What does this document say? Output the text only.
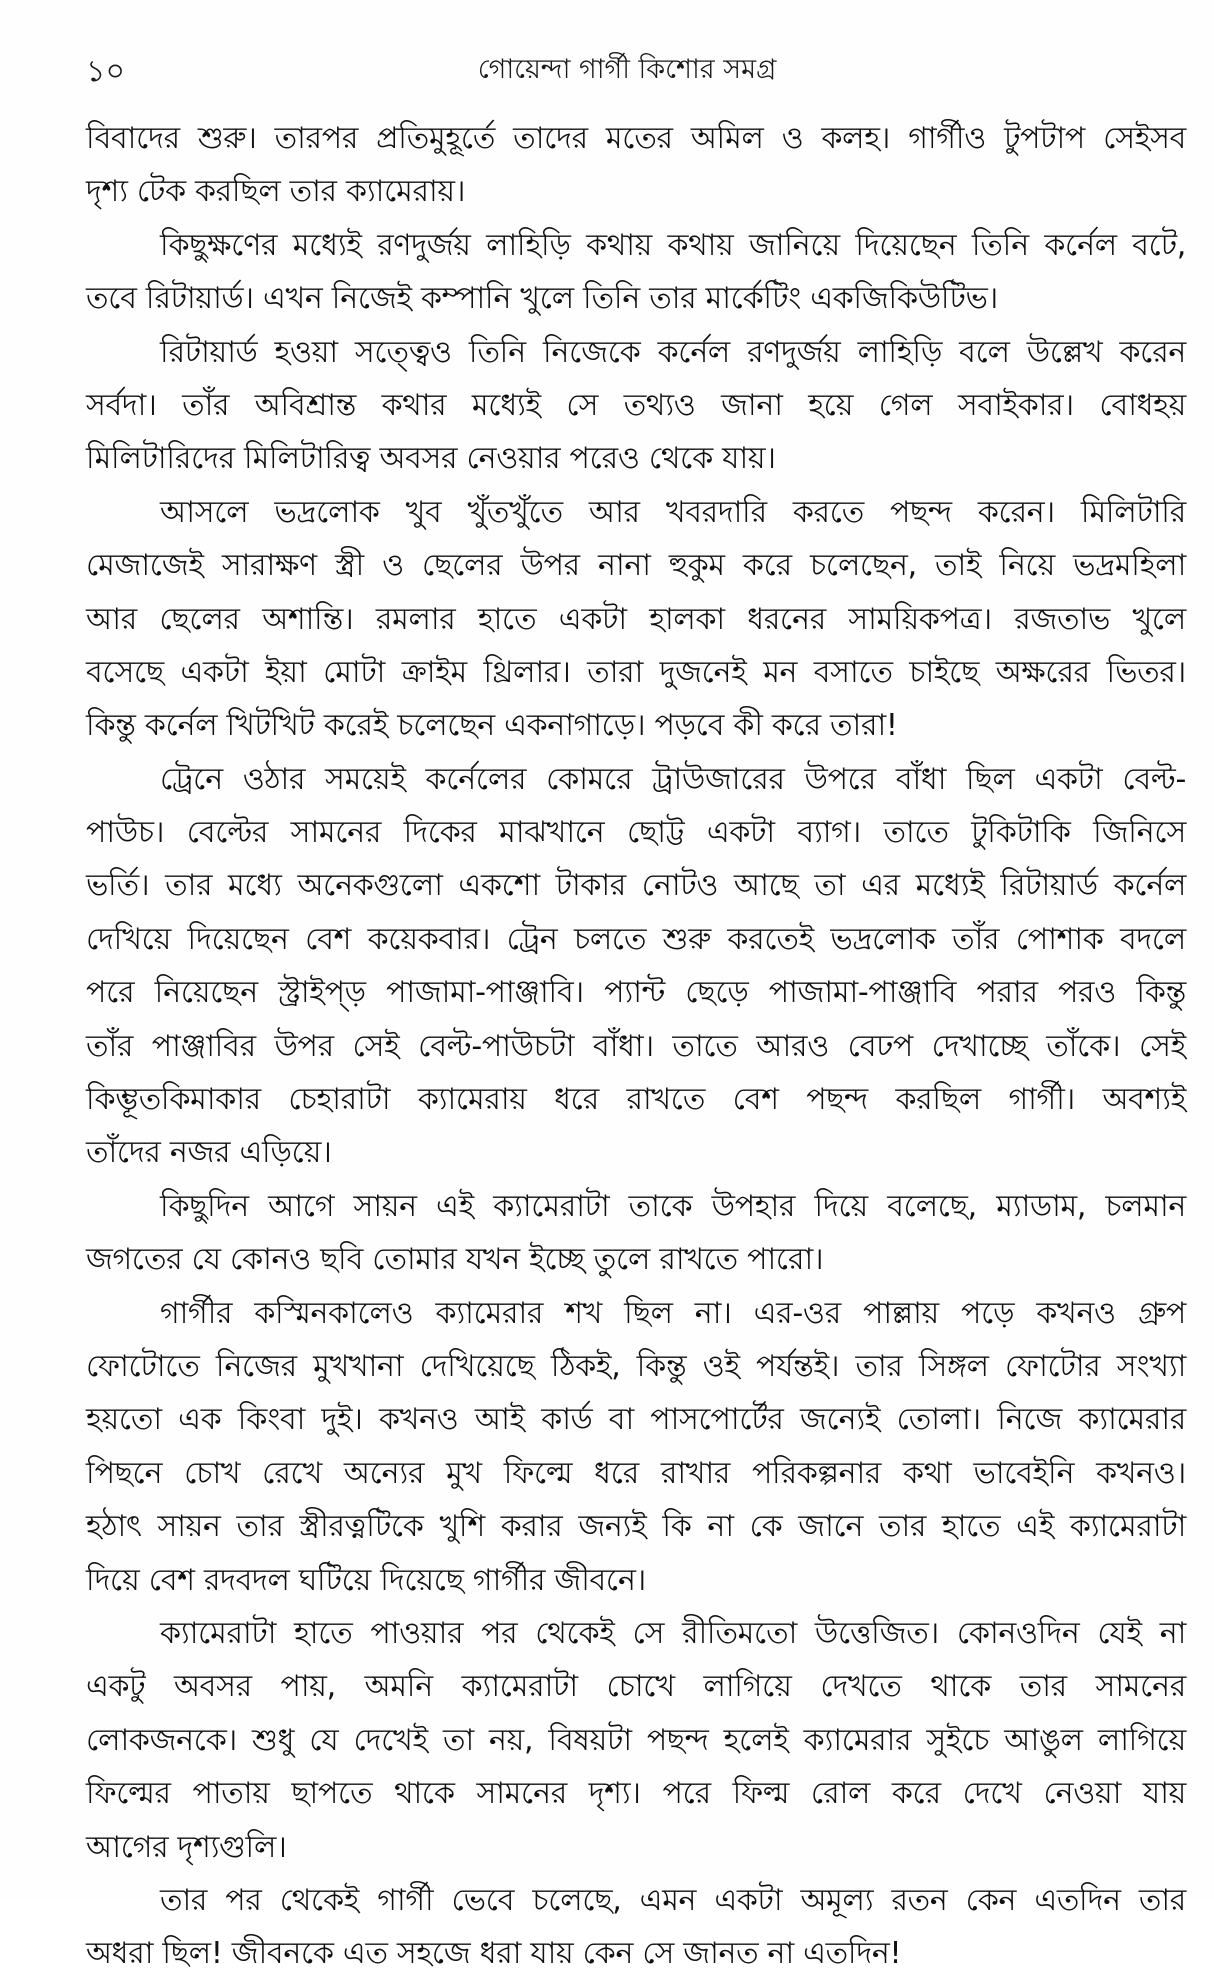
১০	গোয়েন্দা গার্গী কিশোর সমগ্র
বিবাদের শুরু। তারপর প্রতিমুহূর্তে তাদের মতের অমিল ও কলহ। গার্গীও টুপটাপ সেইসব
দৃশ্য টেক করছিল তার ক্যামেরায়।
কিছুক্ষণের মধ্যেই রণদুর্জয় লাহিড়ি কথায় কথায় জানিয়ে দিয়েছেন তিনি কর্নেল বটে,
তবে রিটায়ার্ড। এখন নিজেই কম্পানি খুলে তিনি তার মার্কেটিং একজিকিউটিভ।
রিটায়ার্ড হওয়া সত্ত্বেও তিনি নিজেকে কর্নেল রণদুর্জয় লাহিড়ি বলে উল্লেখ করেন
সর্বদা। তাঁর অবিশ্রান্ত কথার মধ্যেই সে তথ্যও জানা হয়ে গেল সবাইকার। বোধহয়
মিলিটারিদের মিলিটারিত্ব অবসর নেওয়ার পরেও থেকে যায়।
আসলে ভদ্রলোক খুব খুঁতখুঁতে আর খবরদারি করতে পছন্দ করেন। মিলিটারি
মেজাজেই সারাক্ষণ স্ত্রী ও ছেলের উপর নানা হুকুম করে চলেছেন, তাই নিয়ে ভদ্রমহিলা
আর ছেলের অশান্তি। রমলার হাতে একটা হালকা ধরনের সাময়িকপত্র। রজতাভ খুলে
বসেছে একটা ইয়া মোটা ক্রাইম থ্রিলার। তারা দুজনেই মন বসাতে চাইছে অক্ষরের ভিতর।
কিন্তু কর্নেল খিটখিট করেই চলেছেন একনাগাড়ে। পড়বে কী করে তারা!
ট্রেনে ওঠার সময়েই কর্নেলের কোমরে ট্রাউজারের উপরে বাঁধা ছিল একটা বেল্ট-
পাউচ। বেল্টের সামনের দিকের মাঝখানে ছোট্ট একটা ব্যাগ। তাতে টুকিটাকি জিনিসে
ভর্তি। তার মধ্যে অনেকগুলো একশো টাকার নোটও আছে তা এর মধ্যেই রিটায়ার্ড কর্নেল
দেখিয়ে দিয়েছেন বেশ কয়েকবার। ট্রেন চলতে শুরু করতেই ভদ্রলোক তাঁর পোশাক বদলে
পরে নিয়েছেন স্ট্রাইপ্‌ড় পাজামা-পাঞ্জাবি। প্যান্ট ছেড়ে পাজামা-পাঞ্জাবি পরার পরও কিন্তু
তাঁর পাঞ্জাবির উপর সেই বেল্ট-পাউচটা বাঁধা। তাতে আরও বেঢপ দেখাচ্ছে তাঁকে। সেই
কিম্ভূতকিমাকার চেহারাটা ক্যামেরায় ধরে রাখতে বেশ পছন্দ করছিল গার্গী। অবশ্যই
তাঁদের নজর এড়িয়ে।
কিছুদিন আগে সায়ন এই ক্যামেরাটা তাকে উপহার দিয়ে বলেছে, ম্যাডাম, চলমান
জগতের যে কোনও ছবি তোমার যখন ইচ্ছে তুলে রাখতে পারো।
গার্গীর কস্মিনকালেও ক্যামেরার শখ ছিল না। এর-ওর পাল্লায় পড়ে কখনও গ্রুপ
ফোটোতে নিজের মুখখানা দেখিয়েছে ঠিকই, কিন্তু ওই পর্যন্তই। তার সিঙ্গল ফোটোর সংখ্যা
হয়তো এক কিংবা দুই। কখনও আই কার্ড বা পাসপোর্টের জন্যেই তোলা। নিজে ক্যামেরার
পিছনে চোখ রেখে অন্যের মুখ ফিল্মে ধরে রাখার পরিকল্পনার কথা ভাবেইনি কখনও।
হঠাৎ সায়ন তার স্ত্রীরত্নটিকে খুশি করার জন্যই কি না কে জানে তার হাতে এই ক্যামেরাটা
দিয়ে বেশ রদবদল ঘটিয়ে দিয়েছে গার্গীর জীবনে।
ক্যামেরাটা হাতে পাওয়ার পর থেকেই সে রীতিমতো উত্তেজিত। কোনওদিন যেই না
একটু অবসর পায়, অমনি ক্যামেরাটা চোখে লাগিয়ে দেখতে থাকে তার সামনের
লোকজনকে। শুধু যে দেখেই তা নয়, বিষয়টা পছন্দ হলেই ক্যামেরার সুইচে আঙুল লাগিয়ে
ফিল্মের পাতায় ছাপতে থাকে সামনের দৃশ্য। পরে ফিল্ম রোল করে দেখে নেওয়া যায়
আগের দৃশ্যগুলি।
তার পর থেকেই গার্গী ভেবে চলেছে, এমন একটা অমূল্য রতন কেন এতদিন তার
অধরা ছিল! জীবনকে এত সহজে ধরা যায় কেন সে জানত না এতদিন!
